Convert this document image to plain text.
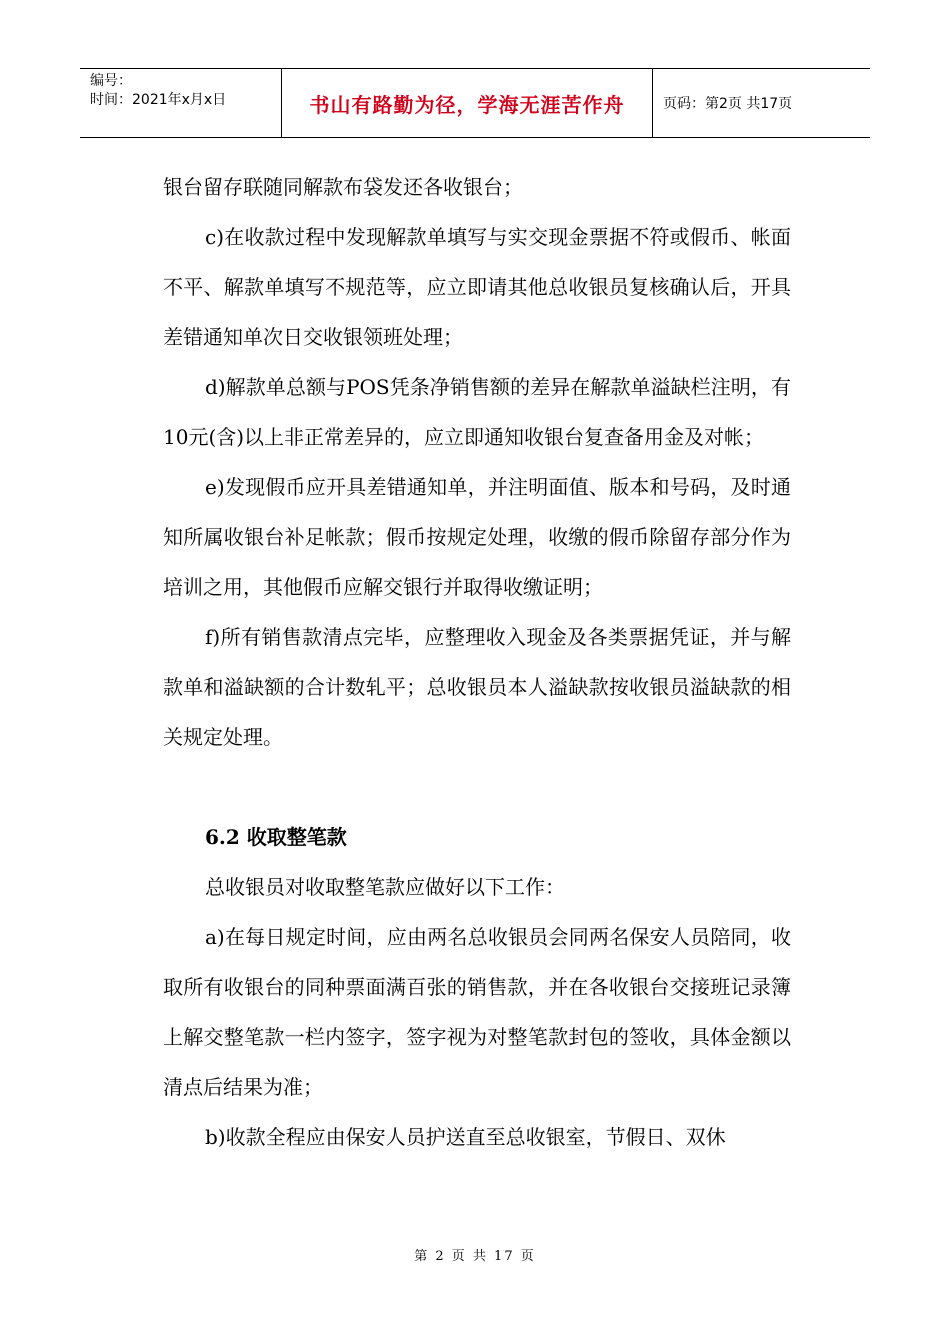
编号：
时间：2021年x月x日	书山有路勤为径，学海无涯苦作舟	页码：第2页 共17页

银台留存联随同解款布袋发还各收银台；

c)在收款过程中发现解款单填写与实交现金票据不符或假币、帐面不平、解款单填写不规范等，应立即请其他总收银员复核确认后，开具差错通知单次日交收银领班处理；

d)解款单总额与POS凭条净销售额的差异在解款单溢缺栏注明，有10元(含)以上非正常差异的，应立即通知收银台复查备用金及对帐；

e)发现假币应开具差错通知单，并注明面值、版本和号码，及时通知所属收银台补足帐款；假币按规定处理，收缴的假币除留存部分作为培训之用，其他假币应解交银行并取得收缴证明；

f)所有销售款清点完毕，应整理收入现金及各类票据凭证，并与解款单和溢缺额的合计数轧平；总收银员本人溢缺款按收银员溢缺款的相关规定处理。

6.2 收取整笔款

总收银员对收取整笔款应做好以下工作：

a)在每日规定时间，应由两名总收银员会同两名保安人员陪同，收取所有收银台的同种票面满百张的销售款，并在各收银台交接班记录簿上解交整笔款一栏内签字，签字视为对整笔款封包的签收，具体金额以清点后结果为准；

b)收款全程应由保安人员护送直至总收银室，节假日、双休

第 2 页 共 17 页
